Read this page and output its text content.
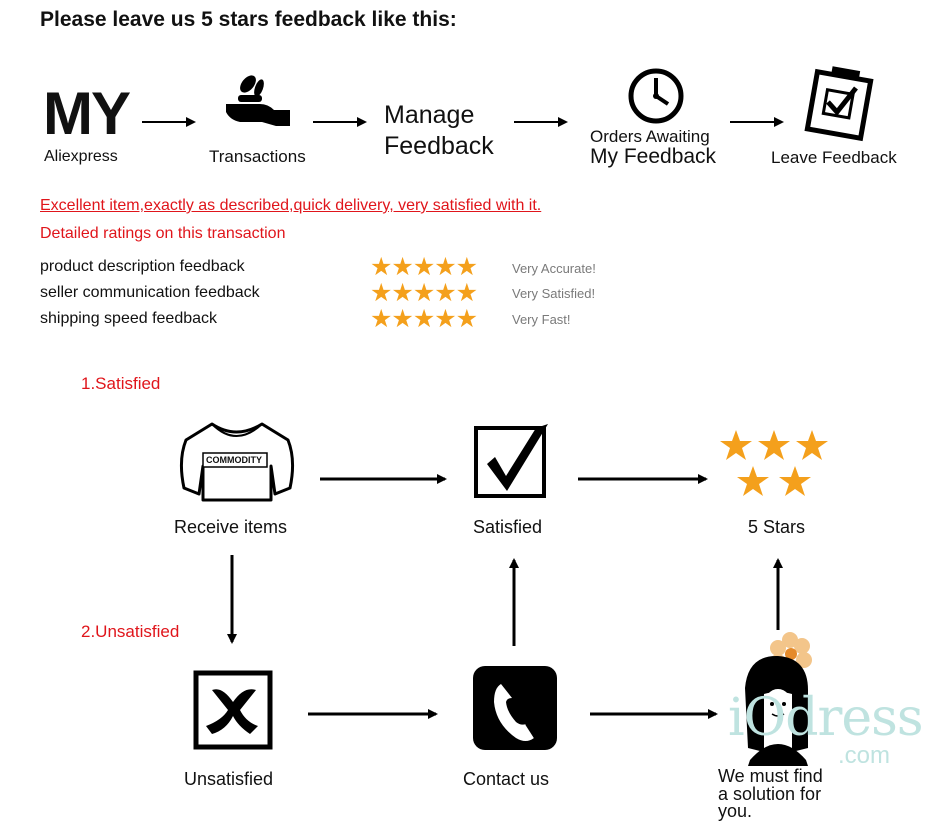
Please leave us 5 stars feedback like this:
MY
Aliexpress	Transactions
Manage
Feedback	Orders Awaiting
My Feedback	Leave Feedback
Excellent item,exactly as described,quick delivery, very satisfied with it.
Detailed ratings on this transaction
product description feedback	★★★★★	Very Accurate!
seller communication feedback	★★★★★	Very Satisfied!
shipping speed feedback	★★★★★	Very Fast!
1.Satisfied
2.Unsatisfied
COMMODITY
Receive items	Satisfied	5 Stars
Unsatisfied	Contact us	We must find
a solution for
you.
iOdress
.com
